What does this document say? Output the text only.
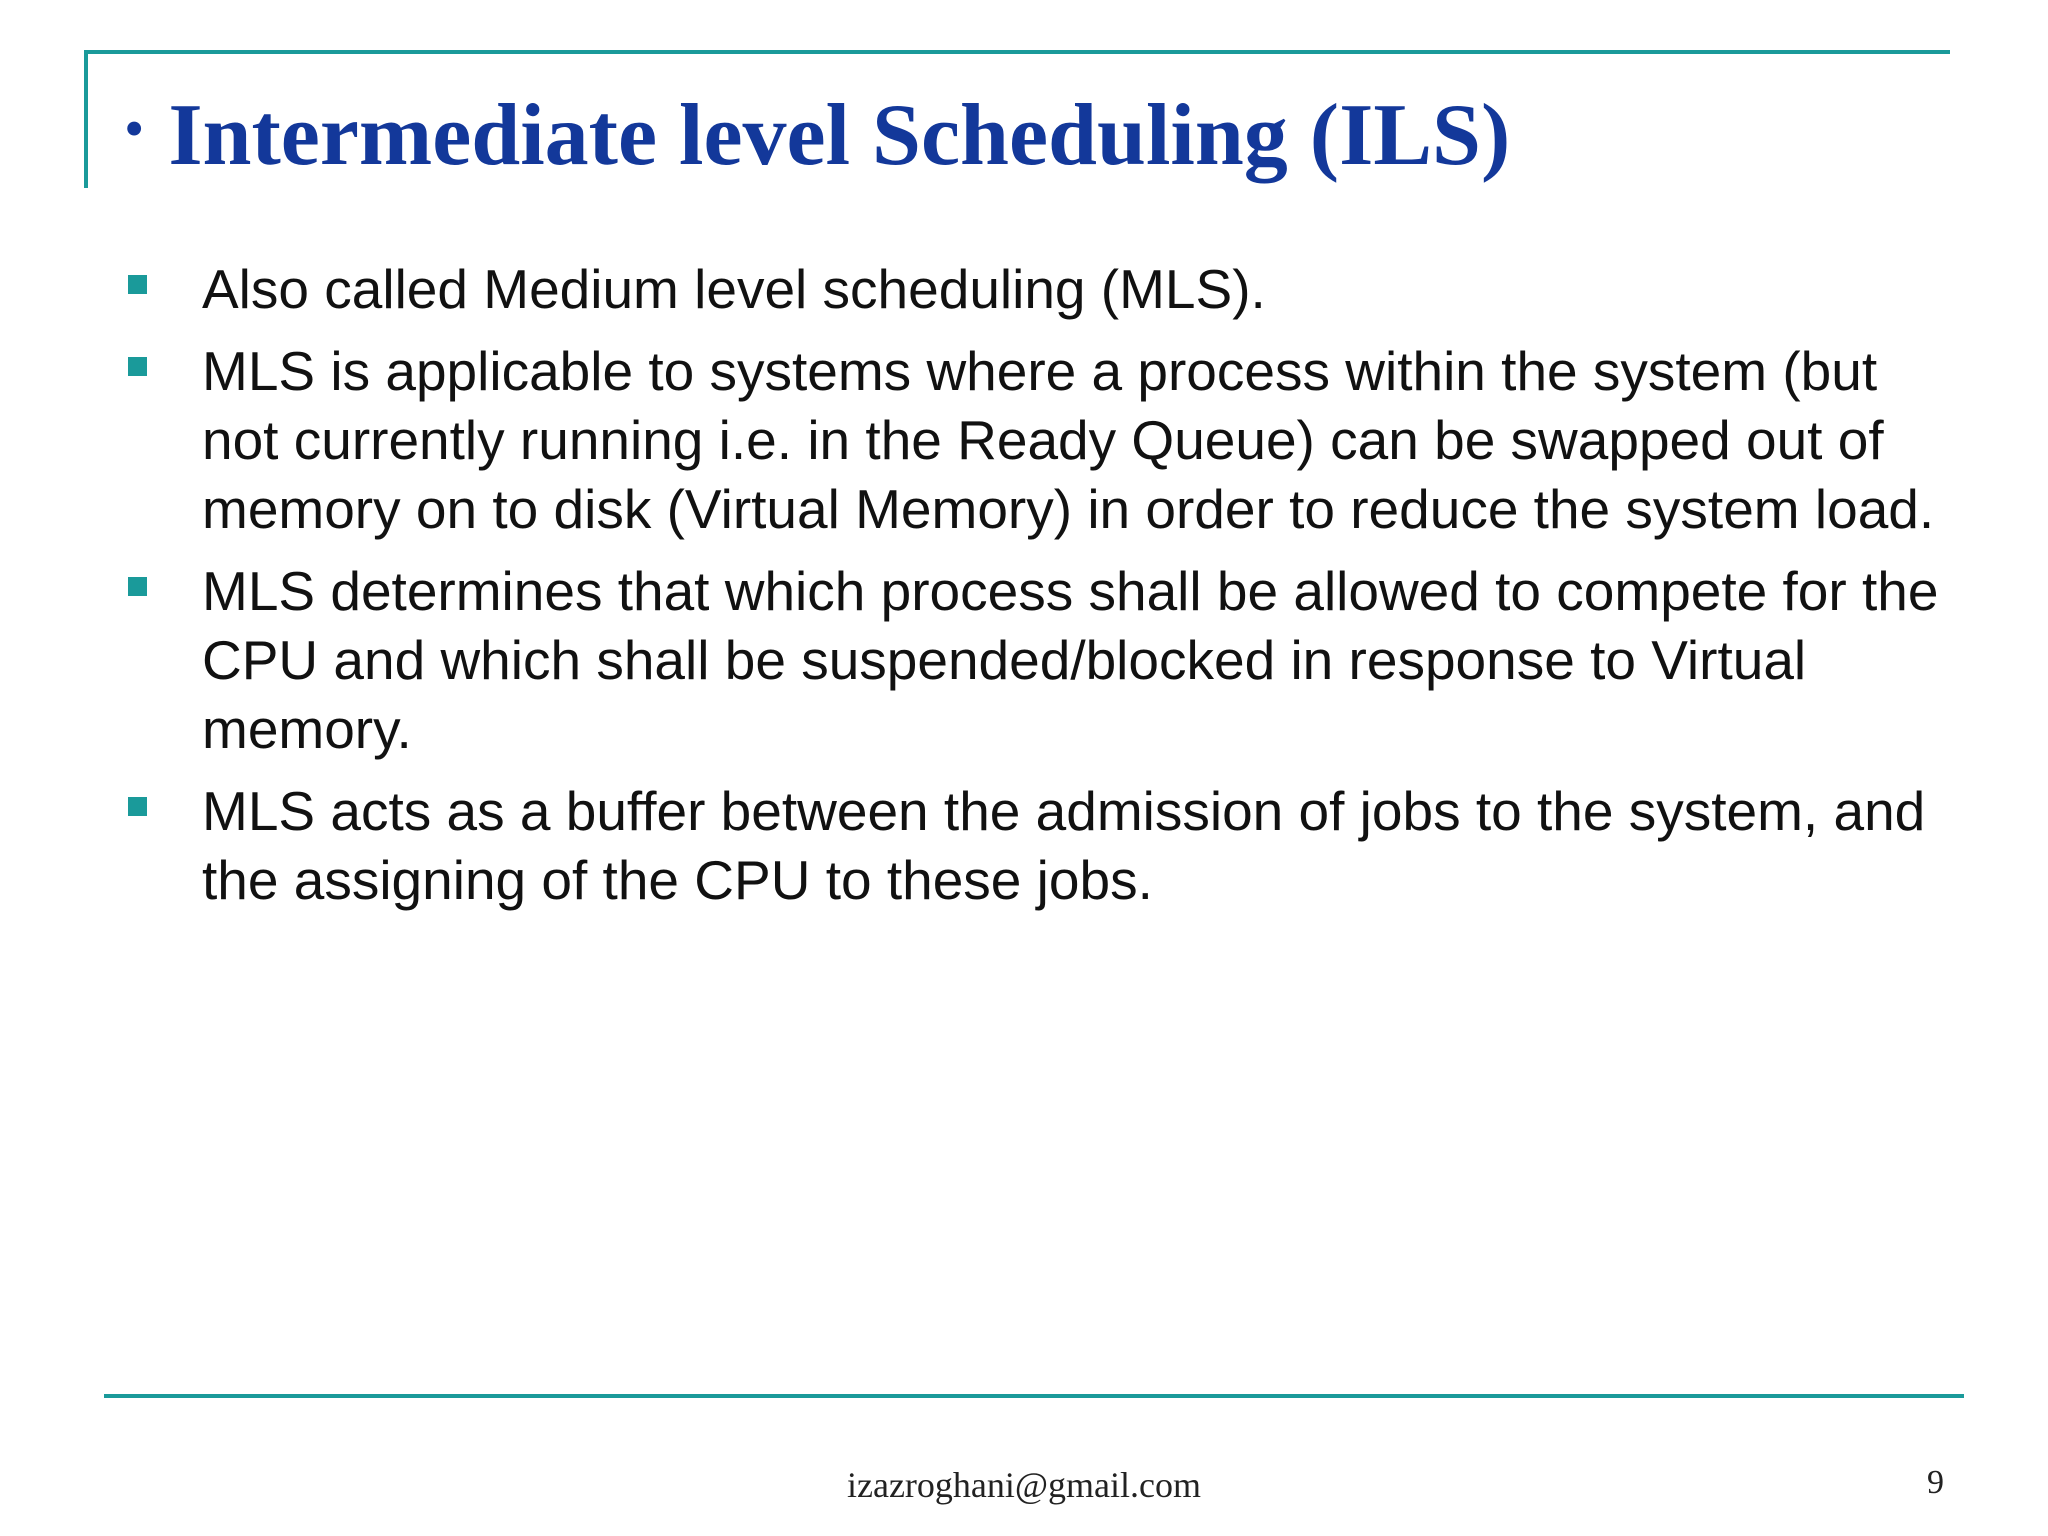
• Intermediate level Scheduling (ILS)
Also called Medium level scheduling (MLS).
MLS is applicable to systems where a process within the system (but not currently running i.e. in the Ready Queue) can be swapped out of memory on to disk (Virtual Memory) in order to reduce the system load.
MLS determines that which process shall be allowed to compete for the CPU and which shall be suspended/blocked in response to Virtual memory.
MLS acts as a buffer between the admission of jobs to the system, and the assigning of the CPU to these jobs.
izazroghani@gmail.com	9
